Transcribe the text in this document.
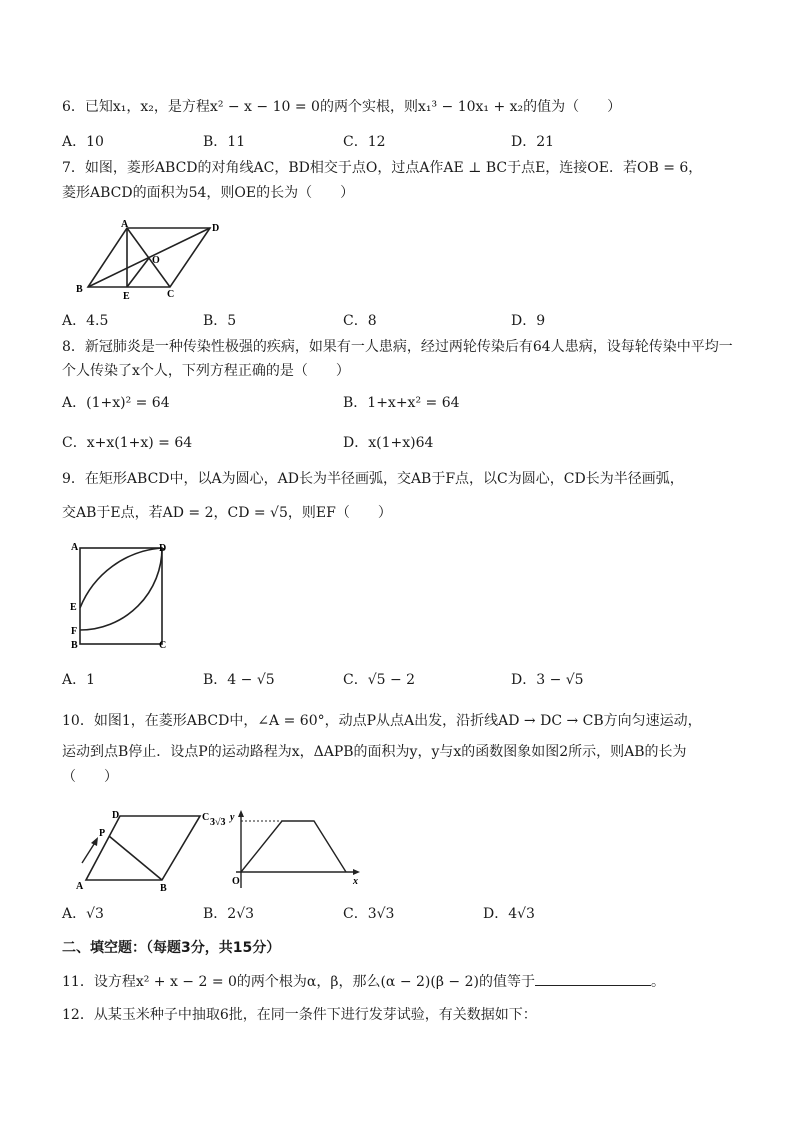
6．已知x₁，x₂，是方程x² − x − 10 = 0的两个实根，则x₁³ − 10x₁ + x₂的值为（　　）
A．10	B．11	C．12	D．21
7．如图，菱形ABCD的对角线AC，BD相交于点O，过点A作AE ⊥ BC于点E，连接OE．若OB = 6，
菱形ABCD的面积为54，则OE的长为（　　）
A	D
O
B
E	C
A．4.5	B．5	C．8	D．9
8．新冠肺炎是一种传染性极强的疾病，如果有一人患病，经过两轮传染后有64人患病，设每轮传染中平均一
个人传染了x个人，下列方程正确的是（　　）
A．(1+x)² = 64	B．1+x+x² = 64
C．x+x(1+x) = 64	D．x(1+x)64
9．在矩形ABCD中，以A为圆心，AD长为半径画弧，交AB于F点，以C为圆心，CD长为半径画弧，
交AB于E点，若AD = 2，CD = √5，则EF（　　）
A	D
E
F
B	C
A．1	B．4 − √5	C．√5 − 2	D．3 − √5
10．如图1，在菱形ABCD中，∠A = 60°，动点P从点A出发，沿折线AD → DC → CB方向匀速运动，
运动到点B停止．设点P的运动路程为x，ΔAPB的面积为y，y与x的函数图象如图2所示，则AB的长为
（　　）
D	C
P
A	B
y
3√3
O	x
A．√3	B．2√3	C．3√3	D．4√3
二、填空题：（每题3分，共15分）
11．设方程x² + x − 2 = 0的两个根为α，β，那么(α − 2)(β − 2)的值等于	。
12．从某玉米种子中抽取6批，在同一条件下进行发芽试验，有关数据如下：
